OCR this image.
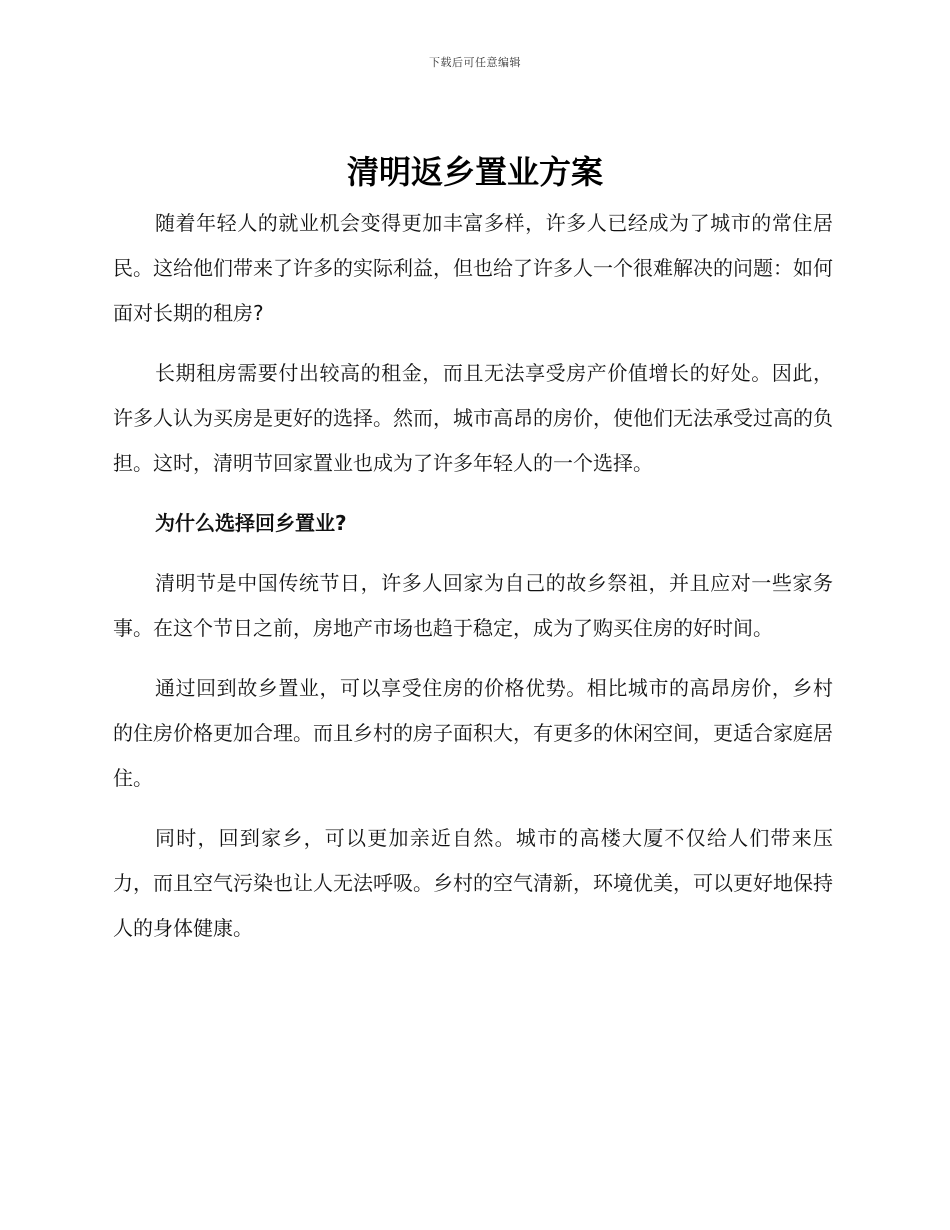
下载后可任意编辑
清明返乡置业方案

随着年轻人的就业机会变得更加丰富多样，许多人已经成为了城市的常住居民。这给他们带来了许多的实际利益，但也给了许多人一个很难解决的问题：如何面对长期的租房?

长期租房需要付出较高的租金，而且无法享受房产价值增长的好处。因此，许多人认为买房是更好的选择。然而，城市高昂的房价，使他们无法承受过高的负担。这时，清明节回家置业也成为了许多年轻人的一个选择。

为什么选择回乡置业?

清明节是中国传统节日，许多人回家为自己的故乡祭祖，并且应对一些家务事。在这个节日之前，房地产市场也趋于稳定，成为了购买住房的好时间。

通过回到故乡置业，可以享受住房的价格优势。相比城市的高昂房价，乡村的住房价格更加合理。而且乡村的房子面积大，有更多的休闲空间，更适合家庭居住。

同时，回到家乡，可以更加亲近自然。城市的高楼大厦不仅给人们带来压力，而且空气污染也让人无法呼吸。乡村的空气清新，环境优美，可以更好地保持人的身体健康。
